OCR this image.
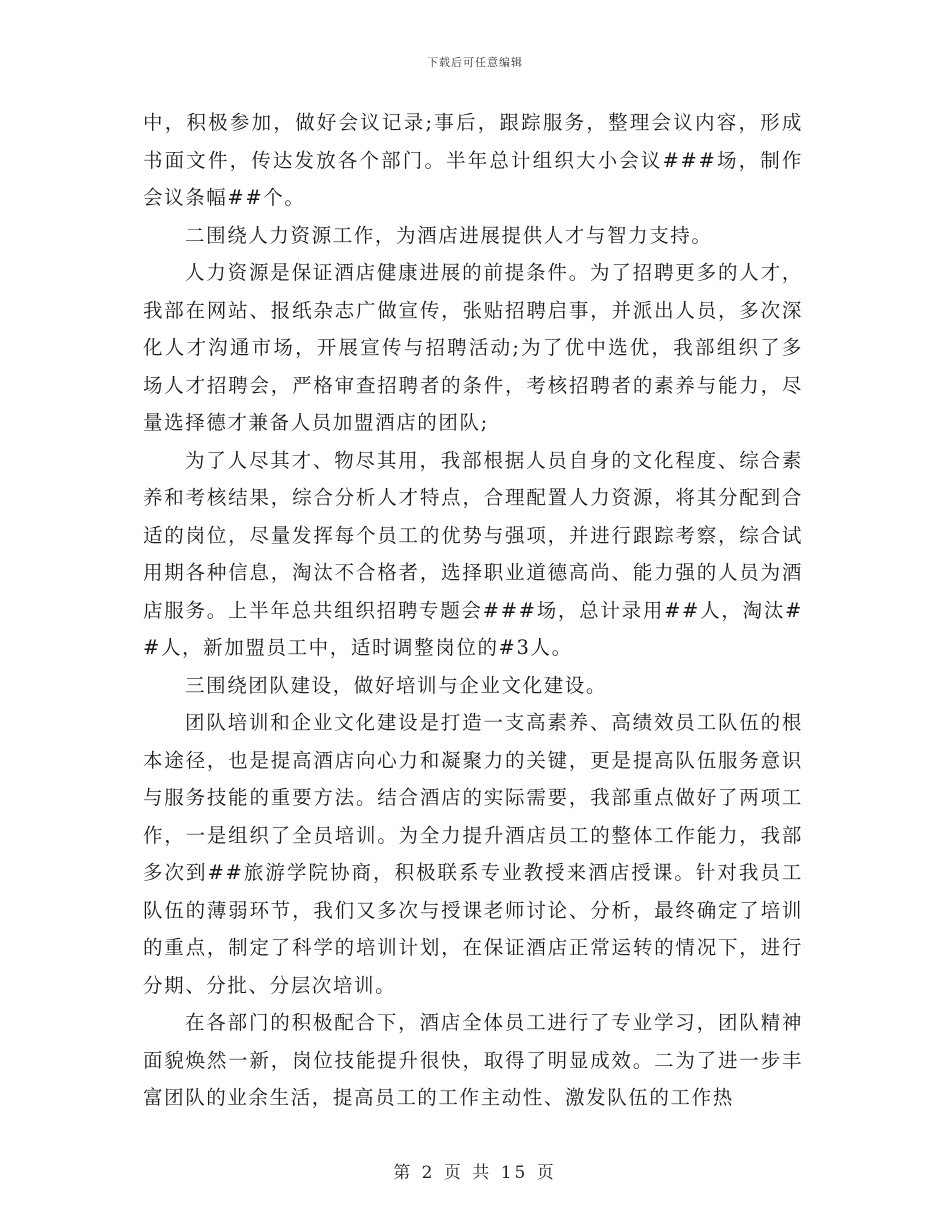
下载后可任意编辑

中，积极参加，做好会议记录;事后，跟踪服务，整理会议内容，形成书面文件，传达发放各个部门。半年总计组织大小会议###场，制作会议条幅##个。

二围绕人力资源工作，为酒店进展提供人才与智力支持。

人力资源是保证酒店健康进展的前提条件。为了招聘更多的人才，我部在网站、报纸杂志广做宣传，张贴招聘启事，并派出人员，多次深化人才沟通市场，开展宣传与招聘活动;为了优中选优，我部组织了多场人才招聘会，严格审查招聘者的条件，考核招聘者的素养与能力，尽量选择德才兼备人员加盟酒店的团队;

为了人尽其才、物尽其用，我部根据人员自身的文化程度、综合素养和考核结果，综合分析人才特点，合理配置人力资源，将其分配到合适的岗位，尽量发挥每个员工的优势与强项，并进行跟踪考察，综合试用期各种信息，淘汰不合格者，选择职业道德高尚、能力强的人员为酒店服务。上半年总共组织招聘专题会###场，总计录用##人，淘汰##人，新加盟员工中，适时调整岗位的#3人。

三围绕团队建设，做好培训与企业文化建设。

团队培训和企业文化建设是打造一支高素养、高绩效员工队伍的根本途径，也是提高酒店向心力和凝聚力的关键，更是提高队伍服务意识与服务技能的重要方法。结合酒店的实际需要，我部重点做好了两项工作，一是组织了全员培训。为全力提升酒店员工的整体工作能力，我部多次到##旅游学院协商，积极联系专业教授来酒店授课。针对我员工队伍的薄弱环节，我们又多次与授课老师讨论、分析，最终确定了培训的重点，制定了科学的培训计划，在保证酒店正常运转的情况下，进行分期、分批、分层次培训。

在各部门的积极配合下，酒店全体员工进行了专业学习，团队精神面貌焕然一新，岗位技能提升很快，取得了明显成效。二为了进一步丰富团队的业余生活，提高员工的工作主动性、激发队伍的工作热

第 2 页 共 15 页
